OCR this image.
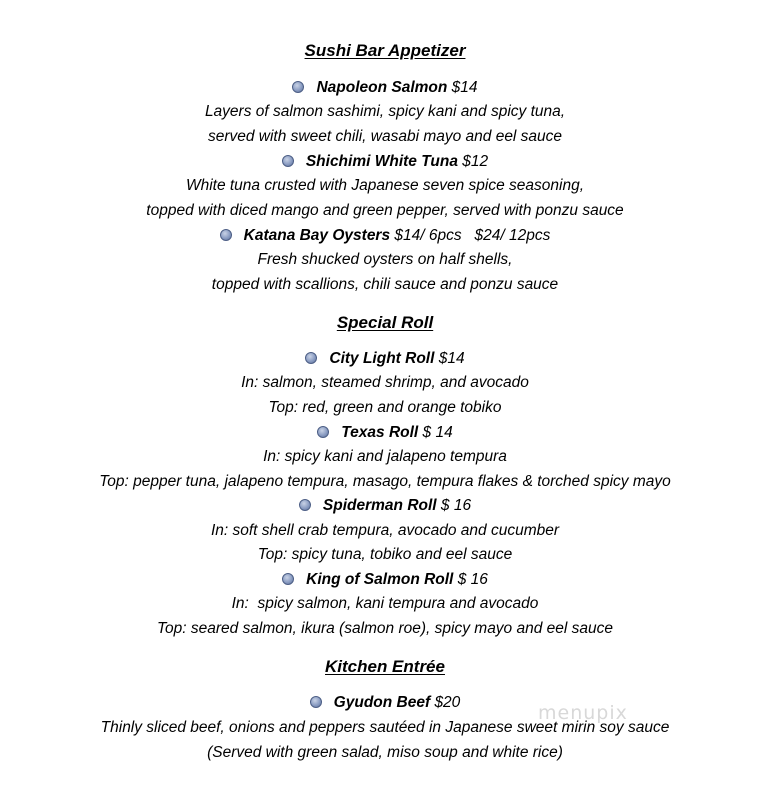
Sushi Bar Appetizer
Napoleon Salmon $14
Layers of salmon sashimi, spicy kani and spicy tuna,
served with sweet chili, wasabi mayo and eel sauce
Shichimi White Tuna $12
White tuna crusted with Japanese seven spice seasoning,
topped with diced mango and green pepper, served with ponzu sauce
Katana Bay Oysters $14/ 6pcs   $24/ 12pcs
Fresh shucked oysters on half shells,
topped with scallions, chili sauce and ponzu sauce
Special Roll
City Light Roll $14
In: salmon, steamed shrimp, and avocado
Top: red, green and orange tobiko
Texas Roll $ 14
In: spicy kani and jalapeno tempura
Top: pepper tuna, jalapeno tempura, masago, tempura flakes & torched spicy mayo
Spiderman Roll $ 16
In: soft shell crab tempura, avocado and cucumber
Top: spicy tuna, tobiko and eel sauce
King of Salmon Roll $ 16
In:  spicy salmon, kani tempura and avocado
Top: seared salmon, ikura (salmon roe), spicy mayo and eel sauce
Kitchen Entrée
Gyudon Beef $20
Thinly sliced beef, onions and peppers sautéed in Japanese sweet mirin soy sauce
(Served with green salad, miso soup and white rice)
menupix
